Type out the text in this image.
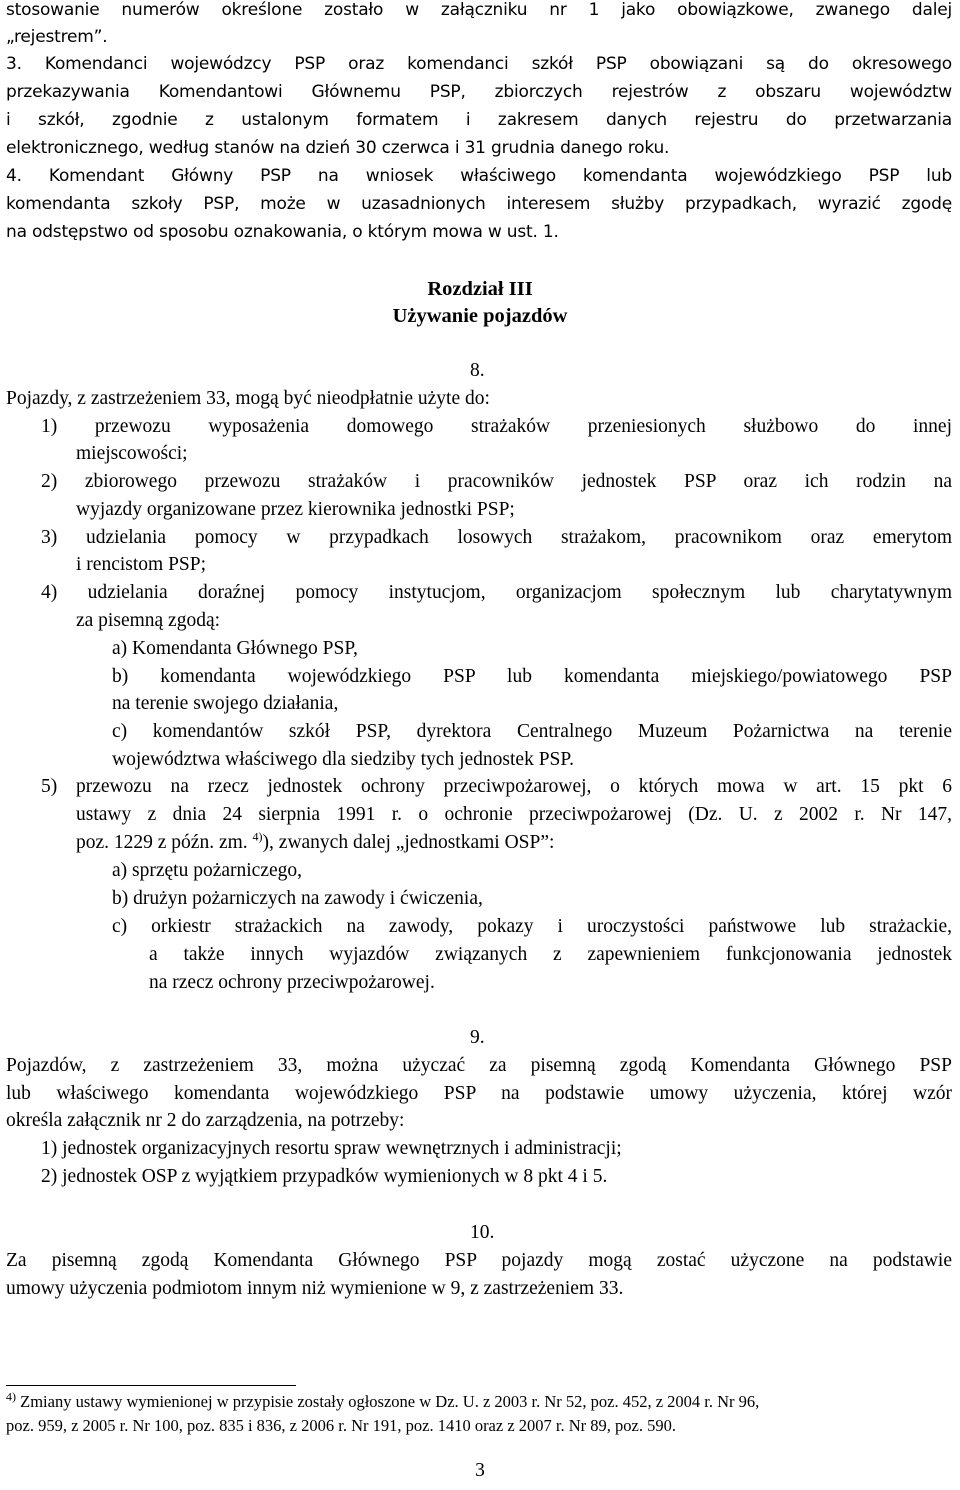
stosowanie numerów określone zostało w załączniku nr 1 jako obowiązkowe, zwanego dalej
„rejestrem”.
3. Komendanci wojewódzcy PSP oraz komendanci szkół PSP obowiązani są do okresowego
przekazywania Komendantowi Głównemu PSP, zbiorczych rejestrów z obszaru województw
i szkół, zgodnie z ustalonym formatem i zakresem danych rejestru do przetwarzania
elektronicznego, według stanów na dzień 30 czerwca i 31 grudnia danego roku.
4. Komendant Główny PSP na wniosek właściwego komendanta wojewódzkiego PSP lub
komendanta szkoły PSP, może w uzasadnionych interesem służby przypadkach, wyrazić zgodę
na odstępstwo od sposobu oznakowania, o którym mowa w ust. 1.
Rozdział III
Używanie pojazdów
8.
Pojazdy, z zastrzeżeniem 33, mogą być nieodpłatnie użyte do:
1) przewozu wyposażenia domowego strażaków przeniesionych służbowo do innej
miejscowości;
2) zbiorowego przewozu strażaków i pracowników jednostek PSP oraz ich rodzin na
wyjazdy organizowane przez kierownika jednostki PSP;
3) udzielania pomocy w przypadkach losowych strażakom, pracownikom oraz emerytom
i rencistom PSP;
4) udzielania doraźnej pomocy instytucjom, organizacjom społecznym lub charytatywnym
za pisemną zgodą:
a) Komendanta Głównego PSP,
b) komendanta wojewódzkiego PSP lub komendanta miejskiego/powiatowego PSP
na terenie swojego działania,
c) komendantów szkół PSP, dyrektora Centralnego Muzeum Pożarnictwa na terenie
województwa właściwego dla siedziby tych jednostek PSP.
5) przewozu na rzecz jednostek ochrony przeciwpożarowej, o których mowa w art. 15 pkt 6
ustawy z dnia 24 sierpnia 1991 r. o ochronie przeciwpożarowej (Dz. U. z 2002 r. Nr 147,
poz. 1229 z późn. zm. $^{4)}$), zwanych dalej „jednostkami OSP”:
a) sprzętu pożarniczego,
b) drużyn pożarniczych na zawody i ćwiczenia,
c) orkiestr strażackich na zawody, pokazy i uroczystości państwowe lub strażackie,
a także innych wyjazdów związanych z zapewnieniem funkcjonowania jednostek
na rzecz ochrony przeciwpożarowej.
9.
Pojazdów, z zastrzeżeniem 33, można użyczać za pisemną zgodą Komendanta Głównego PSP
lub właściwego komendanta wojewódzkiego PSP na podstawie umowy użyczenia, której wzór
określa załącznik nr 2 do zarządzenia, na potrzeby:
1) jednostek organizacyjnych resortu spraw wewnętrznych i administracji;
2) jednostek OSP z wyjątkiem przypadków wymienionych w 8 pkt 4 i 5.
10.
Za pisemną zgodą Komendanta Głównego PSP pojazdy mogą zostać użyczone na podstawie
umowy użyczenia podmiotom innym niż wymienione w 9, z zastrzeżeniem 33.
$^{4)}$ Zmiany ustawy wymienionej w przypisie zostały ogłoszone w Dz. U. z 2003 r. Nr 52, poz. 452, z 2004 r. Nr 96,
poz. 959, z 2005 r. Nr 100, poz. 835 i 836, z 2006 r. Nr 191, poz. 1410 oraz z 2007 r. Nr 89, poz. 590.
3
